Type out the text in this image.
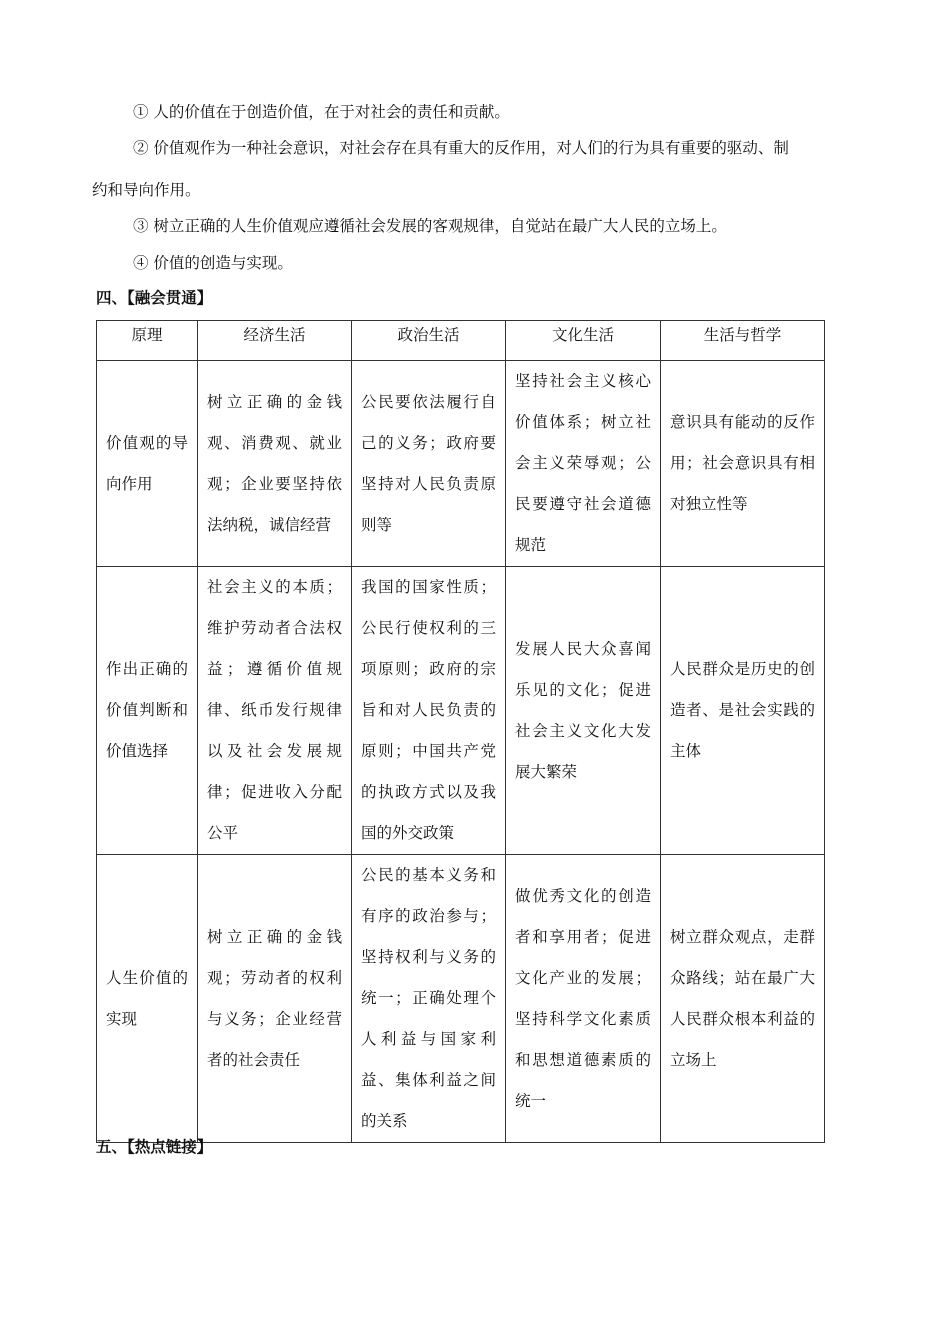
① 人的价值在于创造价值，在于对社会的责任和贡献。
② 价值观作为一种社会意识，对社会存在具有重大的反作用，对人们的行为具有重要的驱动、制
约和导向作用。
③ 树立正确的人生价值观应遵循社会发展的客观规律，自觉站在最广大人民的立场上。
④ 价值的创造与实现。
四、【融会贯通】
原理	经济生活	政治生活	文化生活	生活与哲学
价值观的导向作用	树立正确的金钱观、消费观、就业观；企业要坚持依法纳税，诚信经营	公民要依法履行自己的义务；政府要坚持对人民负责原则等	坚持社会主义核心价值体系；树立社会主义荣辱观；公民要遵守社会道德规范	意识具有能动的反作用；社会意识具有相对独立性等
作出正确的价值判断和价值选择	社会主义的本质；维护劳动者合法权益；遵循价值规律、纸币发行规律以及社会发展规律；促进收入分配公平	我国的国家性质；公民行使权利的三项原则；政府的宗旨和对人民负责的原则；中国共产党的执政方式以及我国的外交政策	发展人民大众喜闻乐见的文化；促进社会主义文化大发展大繁荣	人民群众是历史的创造者、是社会实践的主体
人生价值的实现	树立正确的金钱观；劳动者的权利与义务；企业经营者的社会责任	公民的基本义务和有序的政治参与；坚持权利与义务的统一；正确处理个人利益与国家利益、集体利益之间的关系	做优秀文化的创造者和享用者；促进文化产业的发展；坚持科学文化素质和思想道德素质的统一	树立群众观点，走群众路线；站在最广大人民群众根本利益的立场上
五、【热点链接】
